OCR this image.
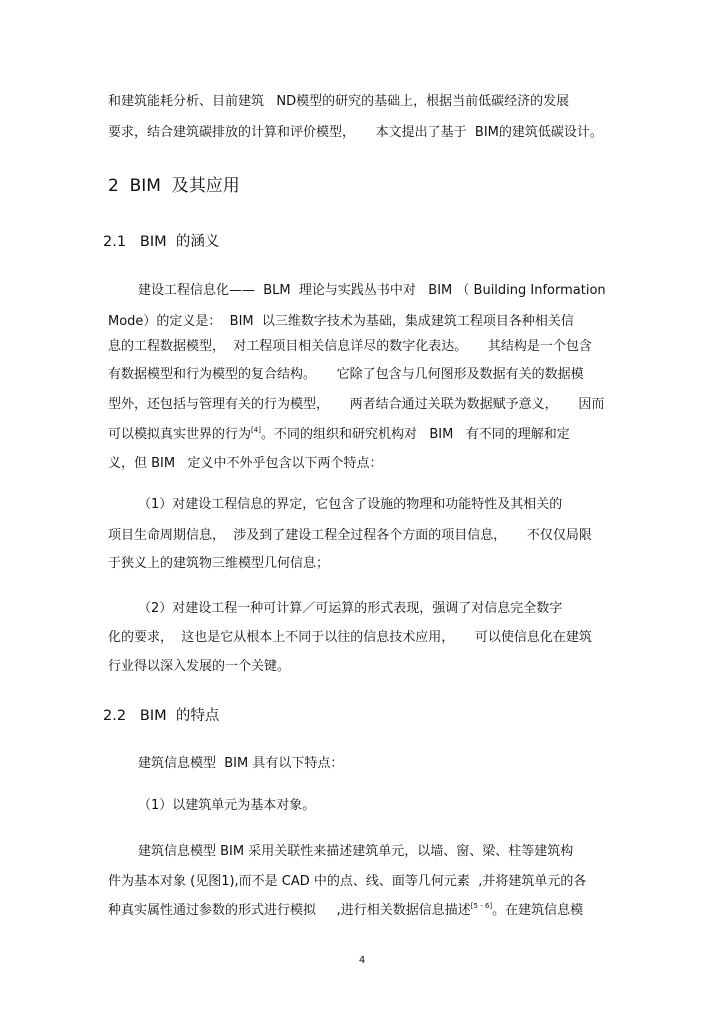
和建筑能耗分析、目前建筑   ND模型的研究的基础上，根据当前低碳经济的发展
要求，结合建筑碳排放的计算和评价模型，     本文提出了基于  BIM的建筑低碳设计。
2  BIM  及其应用
2.1   BIM  的涵义
建设工程信息化——  BLM  理论与实践丛书中对   BIM （ Building Information
Mode）的定义是：  BIM  以三维数字技术为基础，集成建筑工程项目各种相关信
息的工程数据模型，  对工程项目相关信息详尽的数字化表达。     其结构是一个包含
有数据模型和行为模型的复合结构。     它除了包含与几何图形及数据有关的数据模
型外，还包括与管理有关的行为模型，     两者结合通过关联为数据赋予意义，     因而
可以模拟真实世界的行为[4]。不同的组织和研究机构对   BIM   有不同的理解和定
义，但 BIM   定义中不外乎包含以下两个特点：
（1）对建设工程信息的界定，它包含了设施的物理和功能特性及其相关的
项目生命周期信息，  涉及到了建设工程全过程各个方面的项目信息，     不仅仅局限
于狭义上的建筑物三维模型几何信息；
（2）对建设工程一种可计算／可运算的形式表现，强调了对信息完全数字
化的要求，  这也是它从根本上不同于以往的信息技术应用，     可以使信息化在建筑
行业得以深入发展的一个关键。
2.2   BIM  的特点
建筑信息模型  BIM 具有以下特点：
（1）以建筑单元为基本对象。
建筑信息模型 BIM 采用关联性来描述建筑单元，以墙、窗、梁、柱等建筑构
件为基本对象 (见图1),而不是 CAD 中的点、线、面等几何元素  ,并将建筑单元的各
种真实属性通过参数的形式进行模拟     ,进行相关数据信息描述[5 - 6]。在建筑信息模
4
